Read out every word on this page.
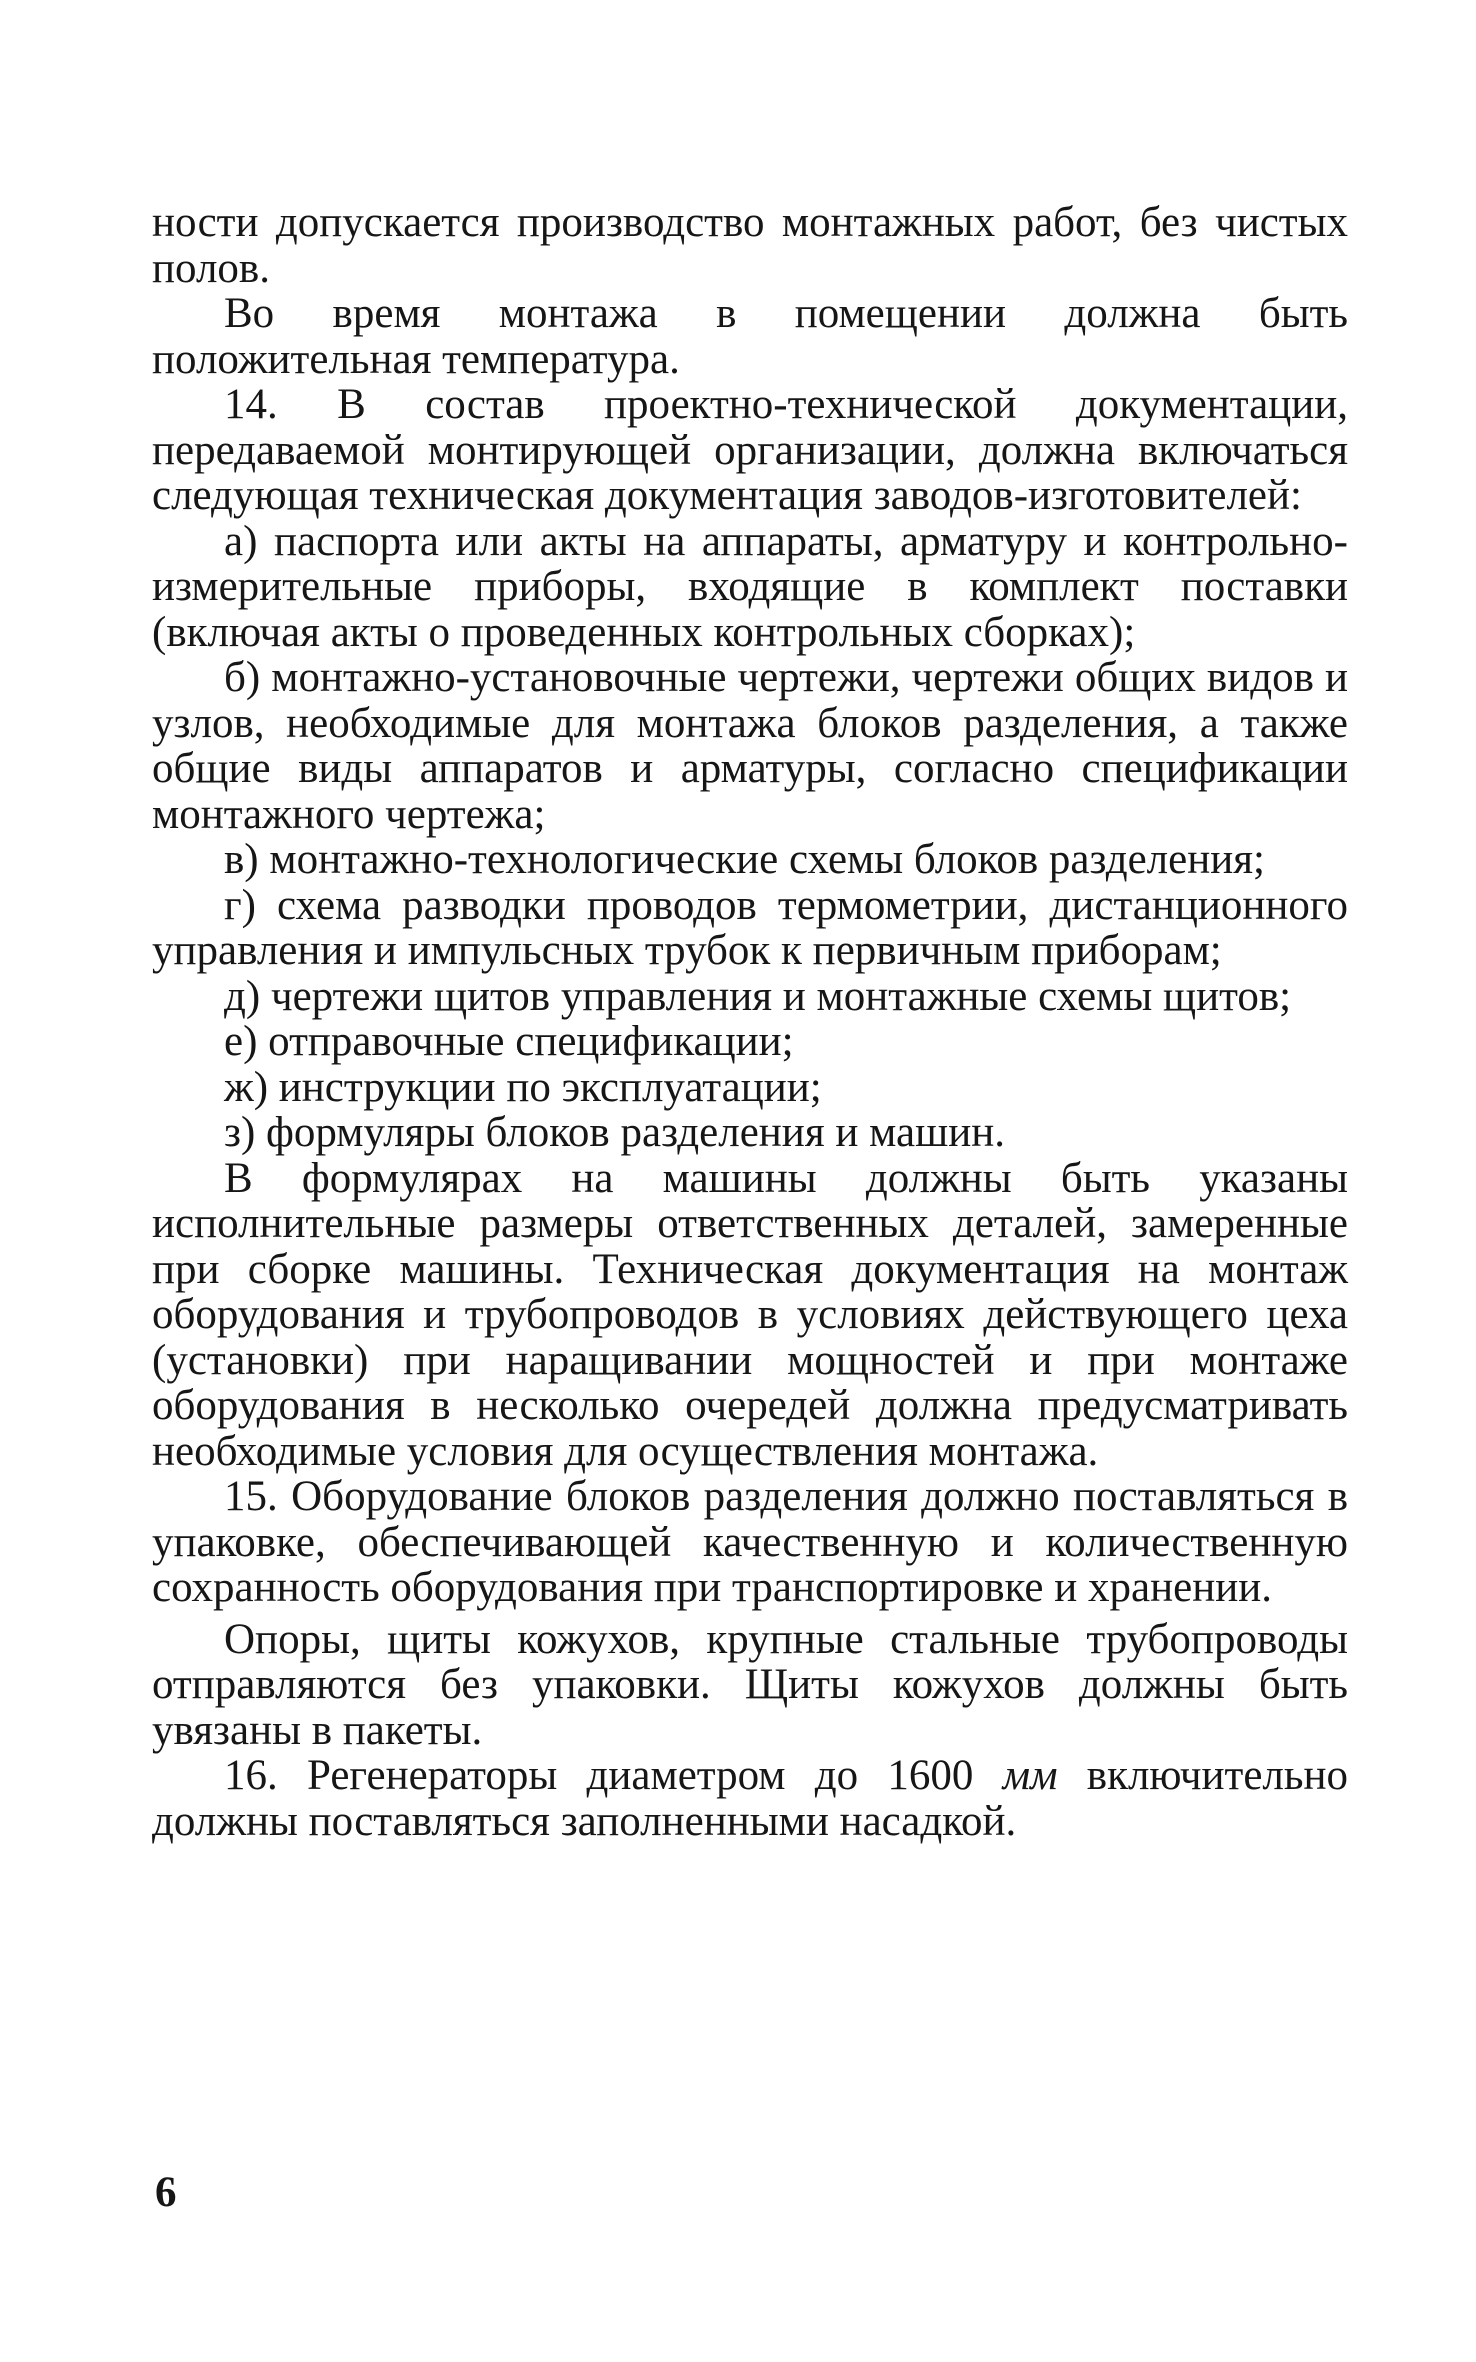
ности допускается производство монтажных работ, без чистых полов.

Во время монтажа в помещении должна быть положительная температура.

14. В состав проектно-технической документации, передаваемой монтирующей организации, должна включаться следующая техническая документация заводов-изготовителей:

а) паспорта или акты на аппараты, арматуру и контрольно-измерительные приборы, входящие в комплект поставки (включая акты о проведенных контрольных сборках);

б) монтажно-установочные чертежи, чертежи общих видов и узлов, необходимые для монтажа блоков разделения, а также общие виды аппаратов и арматуры, согласно спецификации монтажного чертежа;

в) монтажно-технологические схемы блоков разделения;

г) схема разводки проводов термометрии, дистанционного управления и импульсных трубок к первичным приборам;

д) чертежи щитов управления и монтажные схемы щитов;

е) отправочные спецификации;

ж) инструкции по эксплуатации;

з) формуляры блоков разделения и машин.

В формулярах на машины должны быть указаны исполнительные размеры ответственных деталей, замеренные при сборке машины. Техническая документация на монтаж оборудования и трубопроводов в условиях действующего цеха (установки) при наращивании мощностей и при монтаже оборудования в несколько очередей должна предусматривать необходимые условия для осуществления монтажа.

15. Оборудование блоков разделения должно поставляться в упаковке, обеспечивающей качественную и количественную сохранность оборудования при транспортировке и хранении.

Опоры, щиты кожухов, крупные стальные трубопроводы отправляются без упаковки. Щиты кожухов должны быть увязаны в пакеты.

16. Регенераторы диаметром до 1600 мм включительно должны поставляться заполненными насадкой.

6
